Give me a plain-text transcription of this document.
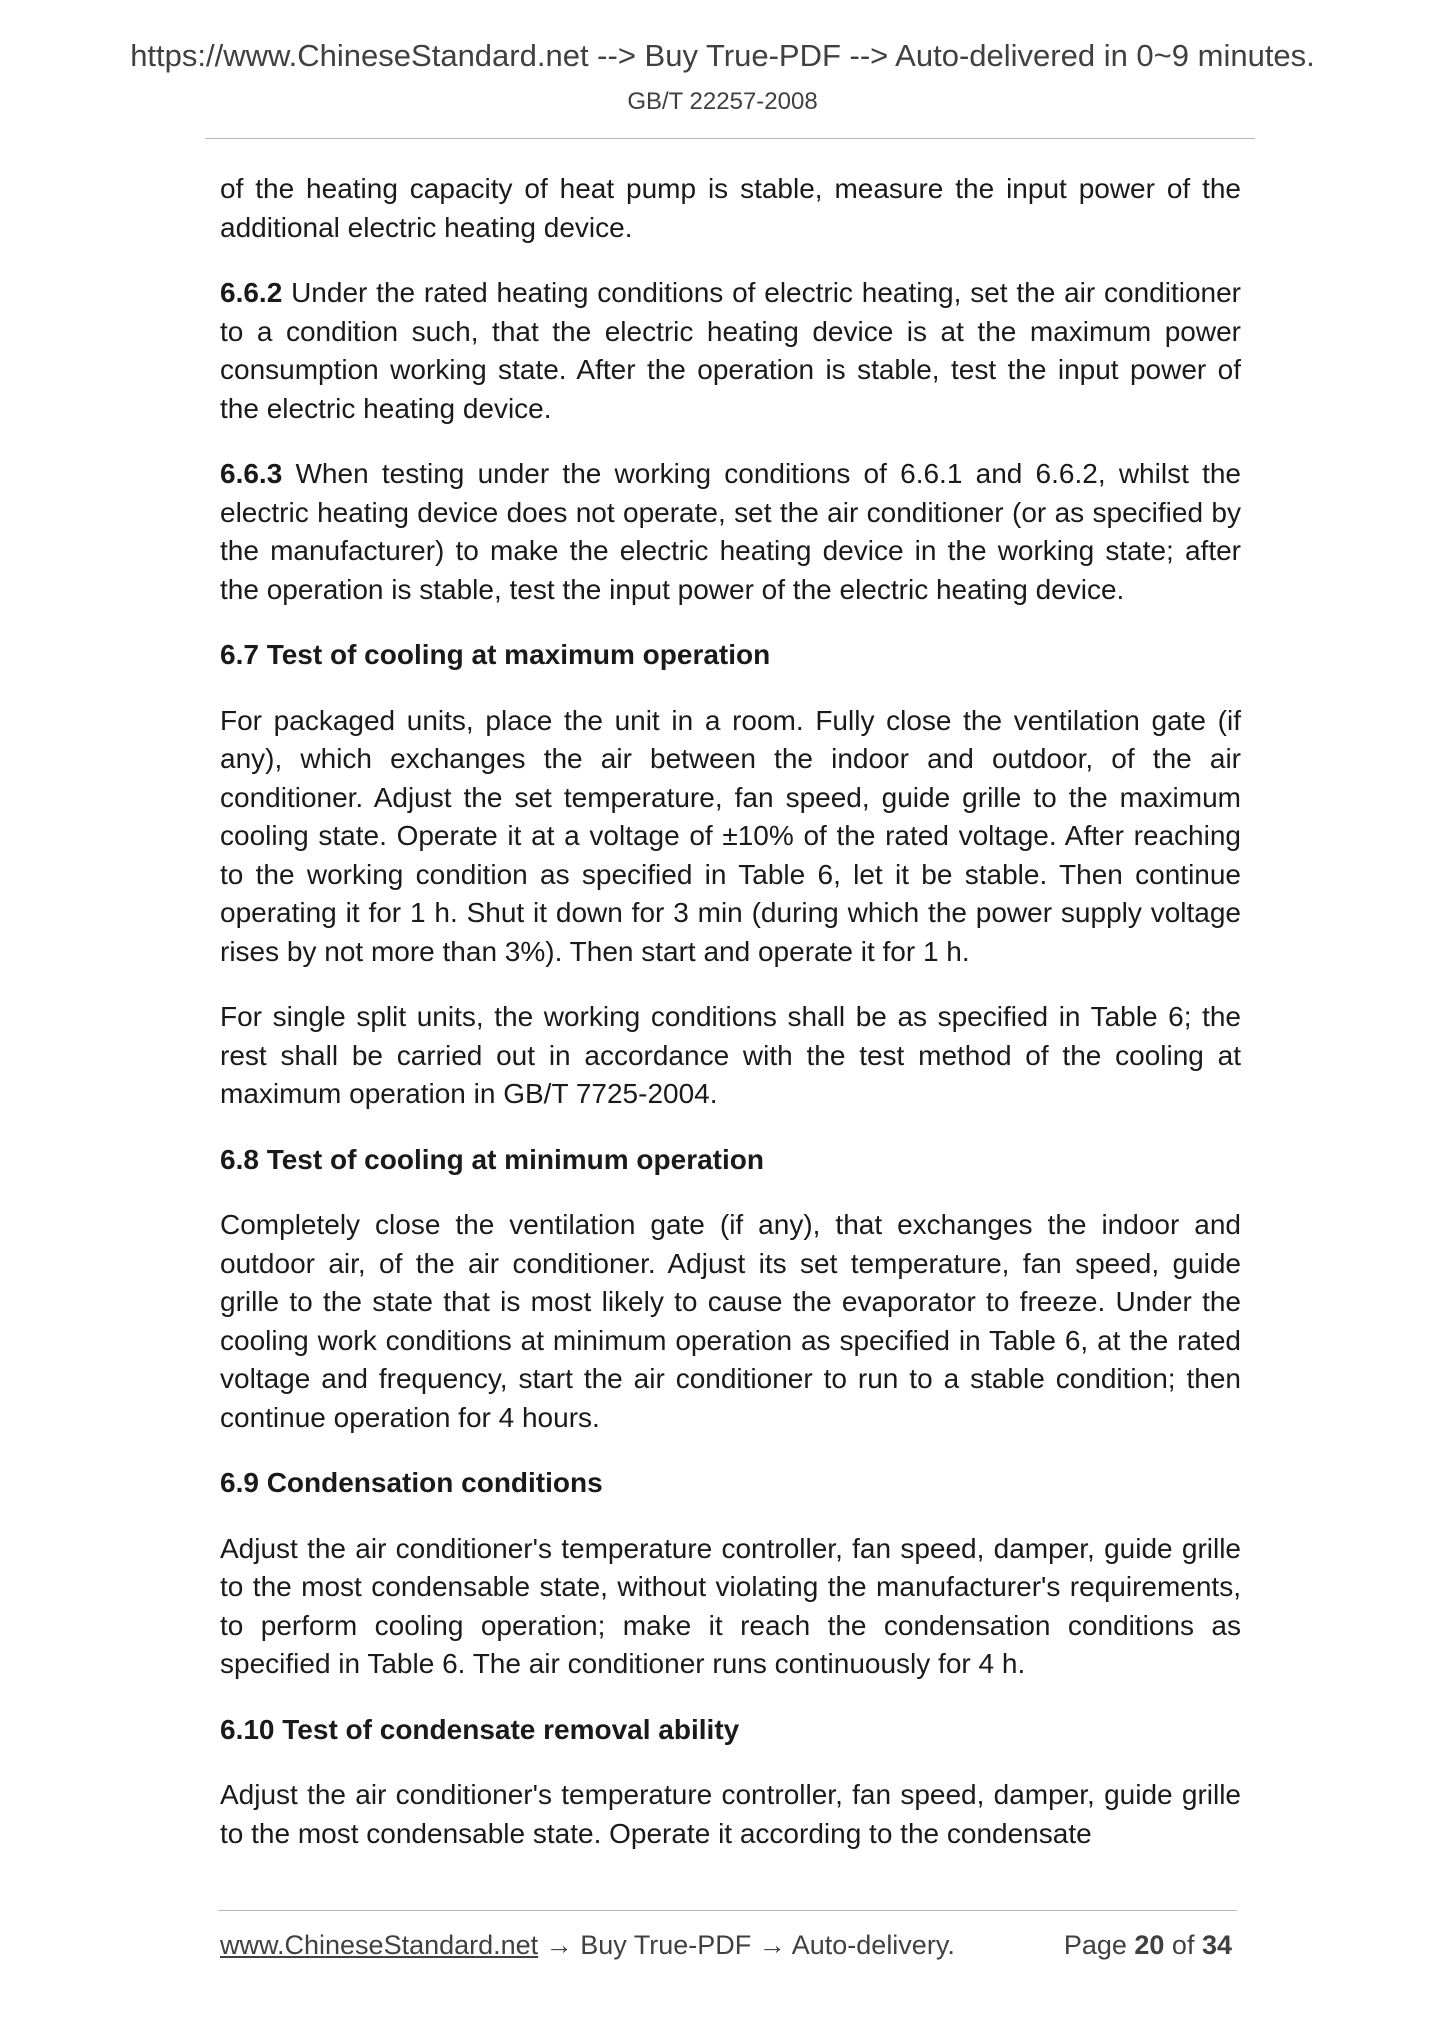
https://www.ChineseStandard.net --> Buy True-PDF --> Auto-delivered in 0~9 minutes.
GB/T 22257-2008

of the heating capacity of heat pump is stable, measure the input power of the additional electric heating device.

6.6.2 Under the rated heating conditions of electric heating, set the air conditioner to a condition such, that the electric heating device is at the maximum power consumption working state. After the operation is stable, test the input power of the electric heating device.

6.6.3 When testing under the working conditions of 6.6.1 and 6.6.2, whilst the electric heating device does not operate, set the air conditioner (or as specified by the manufacturer) to make the electric heating device in the working state; after the operation is stable, test the input power of the electric heating device.

6.7 Test of cooling at maximum operation

For packaged units, place the unit in a room. Fully close the ventilation gate (if any), which exchanges the air between the indoor and outdoor, of the air conditioner. Adjust the set temperature, fan speed, guide grille to the maximum cooling state. Operate it at a voltage of ±10% of the rated voltage. After reaching to the working condition as specified in Table 6, let it be stable. Then continue operating it for 1 h. Shut it down for 3 min (during which the power supply voltage rises by not more than 3%). Then start and operate it for 1 h.

For single split units, the working conditions shall be as specified in Table 6; the rest shall be carried out in accordance with the test method of the cooling at maximum operation in GB/T 7725-2004.

6.8 Test of cooling at minimum operation

Completely close the ventilation gate (if any), that exchanges the indoor and outdoor air, of the air conditioner. Adjust its set temperature, fan speed, guide grille to the state that is most likely to cause the evaporator to freeze. Under the cooling work conditions at minimum operation as specified in Table 6, at the rated voltage and frequency, start the air conditioner to run to a stable condition; then continue operation for 4 hours.

6.9 Condensation conditions

Adjust the air conditioner's temperature controller, fan speed, damper, guide grille to the most condensable state, without violating the manufacturer's requirements, to perform cooling operation; make it reach the condensation conditions as specified in Table 6. The air conditioner runs continuously for 4 h.

6.10 Test of condensate removal ability

Adjust the air conditioner's temperature controller, fan speed, damper, guide grille to the most condensable state. Operate it according to the condensate

www.ChineseStandard.net → Buy True-PDF → Auto-delivery.	Page 20 of 34
